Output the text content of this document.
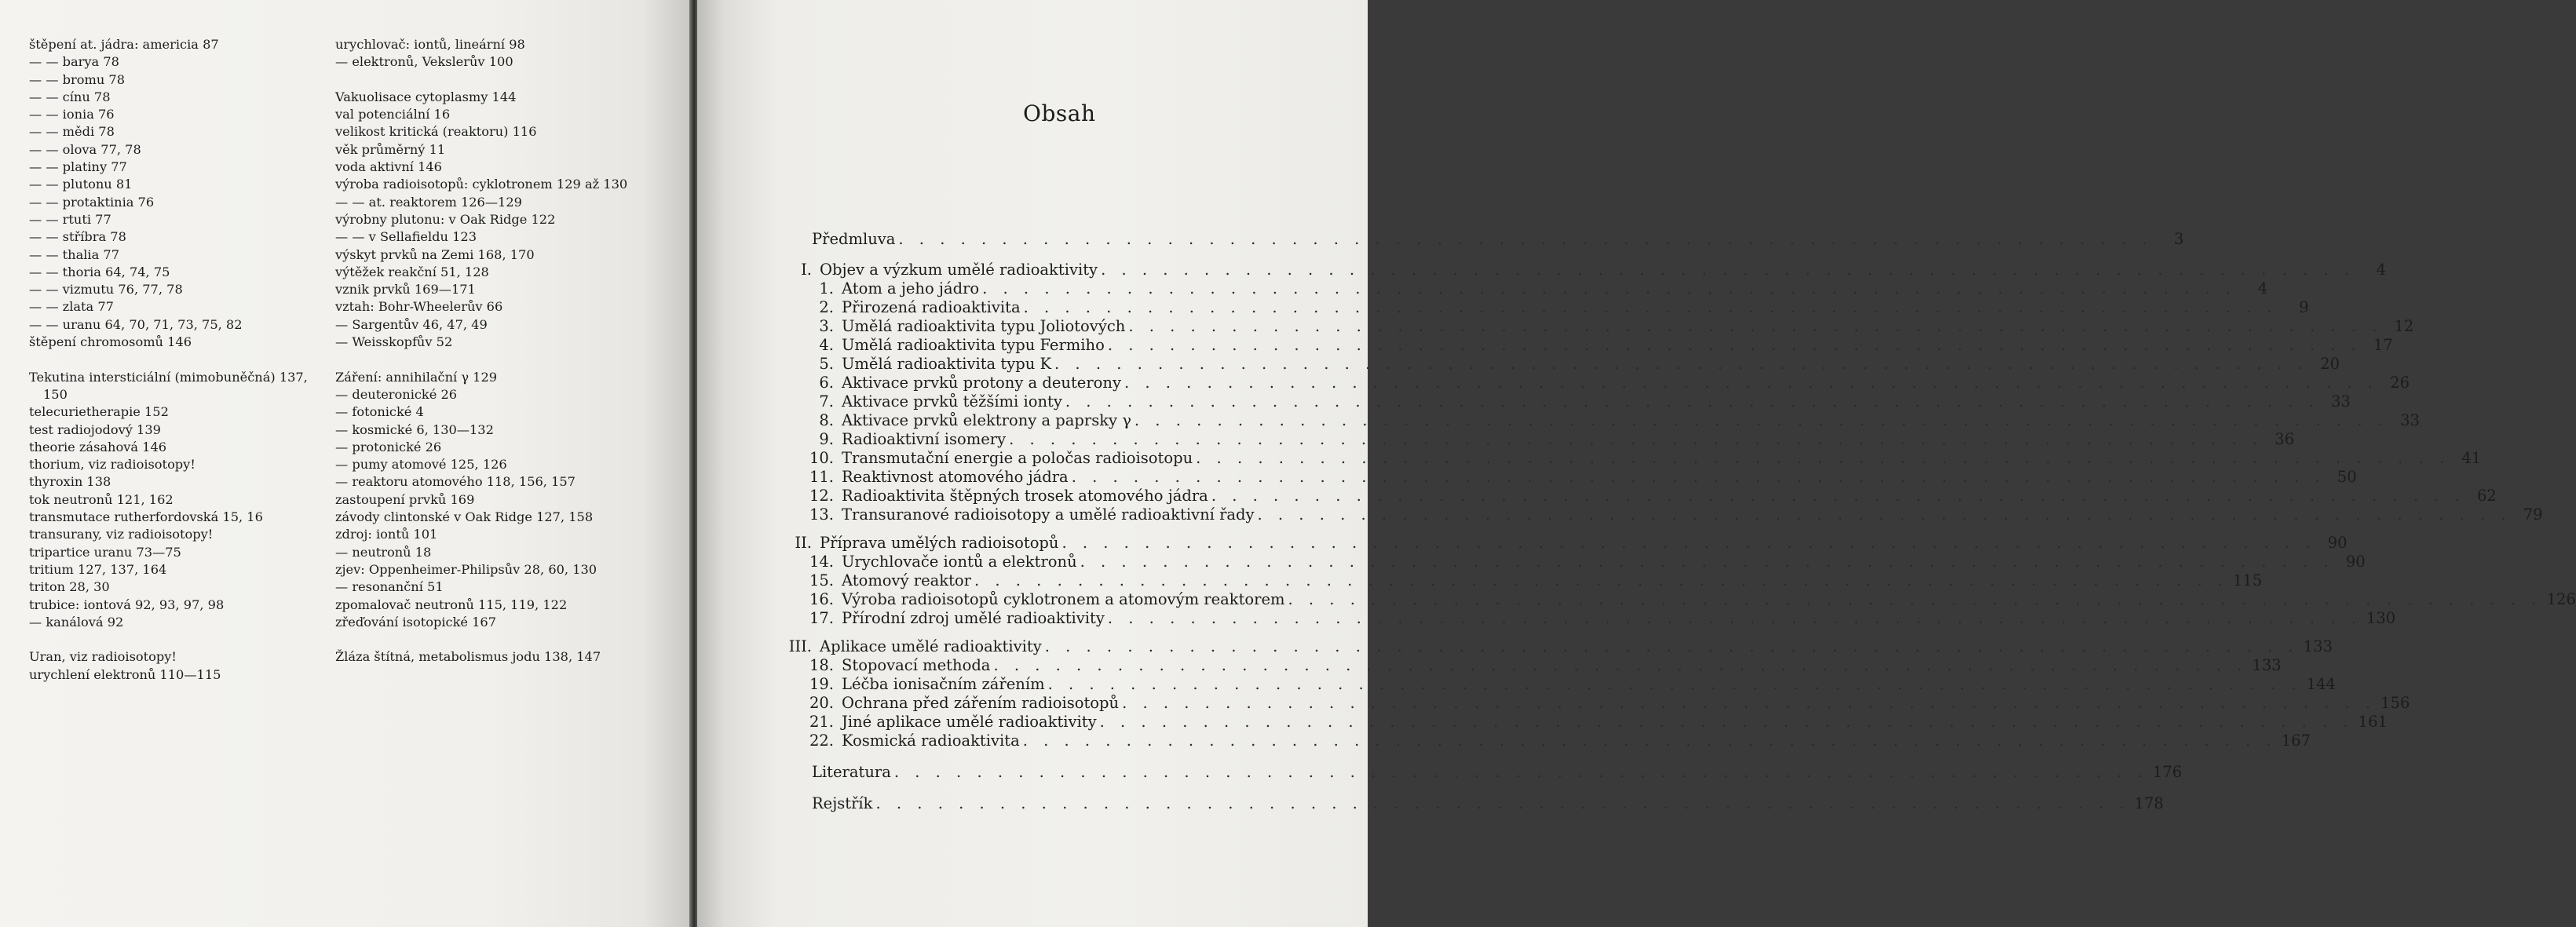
štěpení at. jádra: americia 87
— — barya 78
— — bromu 78
— — cínu 78
— — ionia 76
— — mědi 78
— — olova 77, 78
— — platiny 77
— — plutonu 81
— — protaktinia 76
— — rtuti 77
— — stříbra 78
— — thalia 77
— — thoria 64, 74, 75
— — vizmutu 76, 77, 78
— — zlata 77
— — uranu 64, 70, 71, 73, 75, 82
štěpení chromosomů 146
Tekutina intersticiální (mimobuněčná) 137, 150
telecurietherapie 152
test radiojodový 139
theorie zásahová 146
thorium, viz radioisotopy!
thyroxin 138
tok neutronů 121, 162
transmutace rutherfordovská 15, 16
transurany, viz radioisotopy!
tripartice uranu 73—75
tritium 127, 137, 164
triton 28, 30
trubice: iontová 92, 93, 97, 98
— kanálová 92
Uran, viz radioisotopy!
urychlení elektronů 110—115
urychlovač: iontů, lineární 98
— elektronů, Vekslerův 100
Vakuolisace cytoplasmy 144
val potenciální 16
velikost kritická (reaktoru) 116
věk průměrný 11
voda aktivní 146
výroba radioisotopů: cyklotronem 129 až 130
— — at. reaktorem 126—129
výrobny plutonu: v Oak Ridge 122
— — v Sellafieldu 123
výskyt prvků na Zemi 168, 170
výtěžek reakční 51, 128
vznik prvků 169—171
vztah: Bohr-Wheelerův 66
— Sargentův 46, 47, 49
— Weisskopfův 52
Záření: annihilační γ 129
— deuteronické 26
— fotonické 4
— kosmické 6, 130—132
— protonické 26
— pumy atomové 125, 126
— reaktoru atomového 118, 156, 157
zastoupení prvků 169
závody clintonské v Oak Ridge 127, 158
zdroj: iontů 101
— neutronů 18
zjev: Oppenheimer-Philipsův 28, 60, 130
— resonanční 51
zpomalovač neutronů 115, 119, 122
zřeďování isotopické 167
Žláza štítná, metabolismus jodu 138, 147
Obsah
Předmluva . . . . . . . . . . . . . . . . . . . . . . . . . . . . . . . . . . . . . . . . . . . . . . . . . . . . . . . . . . . . .	3
I. Objev a výzkum umělé radioaktivity . . . . . . . . . . . . . . . . . . . . . . . . . . . . . . . . . . . . . . . . . . . . . . . . . . . . . . . . . . . . .	4
1. Atom a jeho jádro . . . . . . . . . . . . . . . . . . . . . . . . . . . . . . . . . . . . . . . . . . . . . . . . . . . . . . . . . . . . .	4
2. Přirozená radioaktivita . . . . . . . . . . . . . . . . . . . . . . . . . . . . . . . . . . . . . . . . . . . . . . . . . . . . . . . . . . . . .	9
3. Umělá radioaktivita typu Joliotových . . . . . . . . . . . . . . . . . . . . . . . . . . . . . . . . . . . . . . . . . . . . . . . . . . . . . . . . . . . . . 12
4. Umělá radioaktivita typu Fermiho . . . . . . . . . . . . . . . . . . . . . . . . . . . . . . . . . . . . . . . . . . . . . . . . . . . . . . . . . . . . . 17
5. Umělá radioaktivita typu K . . . . . . . . . . . . . . . . . . . . . . . . . . . . . . . . . . . . . . . . . . . . . . . . . . . . . . . . . . . . . 20
6. Aktivace prvků protony a deuterony . . . . . . . . . . . . . . . . . . . . . . . . . . . . . . . . . . . . . . . . . . . . . . . . . . . . . . . . . . . . . 26
7. Aktivace prvků těžšími ionty . . . . . . . . . . . . . . . . . . . . . . . . . . . . . . . . . . . . . . . . . . . . . . . . . . . . . . . . . . . . . 33
8. Aktivace prvků elektrony a paprsky γ . . . . . . . . . . . . . . . . . . . . . . . . . . . . . . . . . . . . . . . . . . . . . . . . . . . . . . . . . . . . . 33
9. Radioaktivní isomery . . . . . . . . . . . . . . . . . . . . . . . . . . . . . . . . . . . . . . . . . . . . . . . . . . . . . . . . . . . . . 36
10. Transmutační energie a poločas radioisotopu . . . . . . . . . . . . . . . . . . . . . . . . . . . . . . . . . . . . . . . . . . . . . . . . . . . . . . . . . . . . . 41
11. Reaktivnost atomového jádra . . . . . . . . . . . . . . . . . . . . . . . . . . . . . . . . . . . . . . . . . . . . . . . . . . . . . . . . . . . . . 50
12. Radioaktivita štěpných trosek atomového jádra . . . . . . . . . . . . . . . . . . . . . . . . . . . . . . . . . . . . . . . . . . . . . . . . . . . . . . . . . . . . . 62
13. Transuranové radioisotopy a umělé radioaktivní řady . . . . . . . . . . . . . . . . . . . . . . . . . . . . . . . . . . . . . . . . . . . . . . . . . . . . . . . . . . . . . 79
II. Příprava umělých radioisotopů . . . . . . . . . . . . . . . . . . . . . . . . . . . . . . . . . . . . . . . . . . . . . . . . . . . . . . . . . . . . . 90
14. Urychlovače iontů a elektronů . . . . . . . . . . . . . . . . . . . . . . . . . . . . . . . . . . . . . . . . . . . . . . . . . . . . . . . . . . . . . 90
15. Atomový reaktor . . . . . . . . . . . . . . . . . . . . . . . . . . . . . . . . . . . . . . . . . . . . . . . . . . . . . . . . . . . . . 115
16. Výroba radioisotopů cyklotronem a atomovým reaktorem . . . . . . . . . . . . . . . . . . . . . . . . . . . . . . . . . . . . . . . . . . . . . . . . . . . . . . . . . . . . . 126
17. Přírodní zdroj umělé radioaktivity . . . . . . . . . . . . . . . . . . . . . . . . . . . . . . . . . . . . . . . . . . . . . . . . . . . . . . . . . . . . . 130
III. Aplikace umělé radioaktivity . . . . . . . . . . . . . . . . . . . . . . . . . . . . . . . . . . . . . . . . . . . . . . . . . . . . . . . . . . . . . 133
18. Stopovací methoda . . . . . . . . . . . . . . . . . . . . . . . . . . . . . . . . . . . . . . . . . . . . . . . . . . . . . . . . . . . . . 133
19. Léčba ionisačním zářením . . . . . . . . . . . . . . . . . . . . . . . . . . . . . . . . . . . . . . . . . . . . . . . . . . . . . . . . . . . . . 144
20. Ochrana před zářením radioisotopů . . . . . . . . . . . . . . . . . . . . . . . . . . . . . . . . . . . . . . . . . . . . . . . . . . . . . . . . . . . . . 156
21. Jiné aplikace umělé radioaktivity . . . . . . . . . . . . . . . . . . . . . . . . . . . . . . . . . . . . . . . . . . . . . . . . . . . . . . . . . . . . . 161
22. Kosmická radioaktivita . . . . . . . . . . . . . . . . . . . . . . . . . . . . . . . . . . . . . . . . . . . . . . . . . . . . . . . . . . . . . 167
Literatura . . . . . . . . . . . . . . . . . . . . . . . . . . . . . . . . . . . . . . . . . . . . . . . . . . . . . . . . . . . . . 176
Rejstřík . . . . . . . . . . . . . . . . . . . . . . . . . . . . . . . . . . . . . . . . . . . . . . . . . . . . . . . . . . . . . 178
